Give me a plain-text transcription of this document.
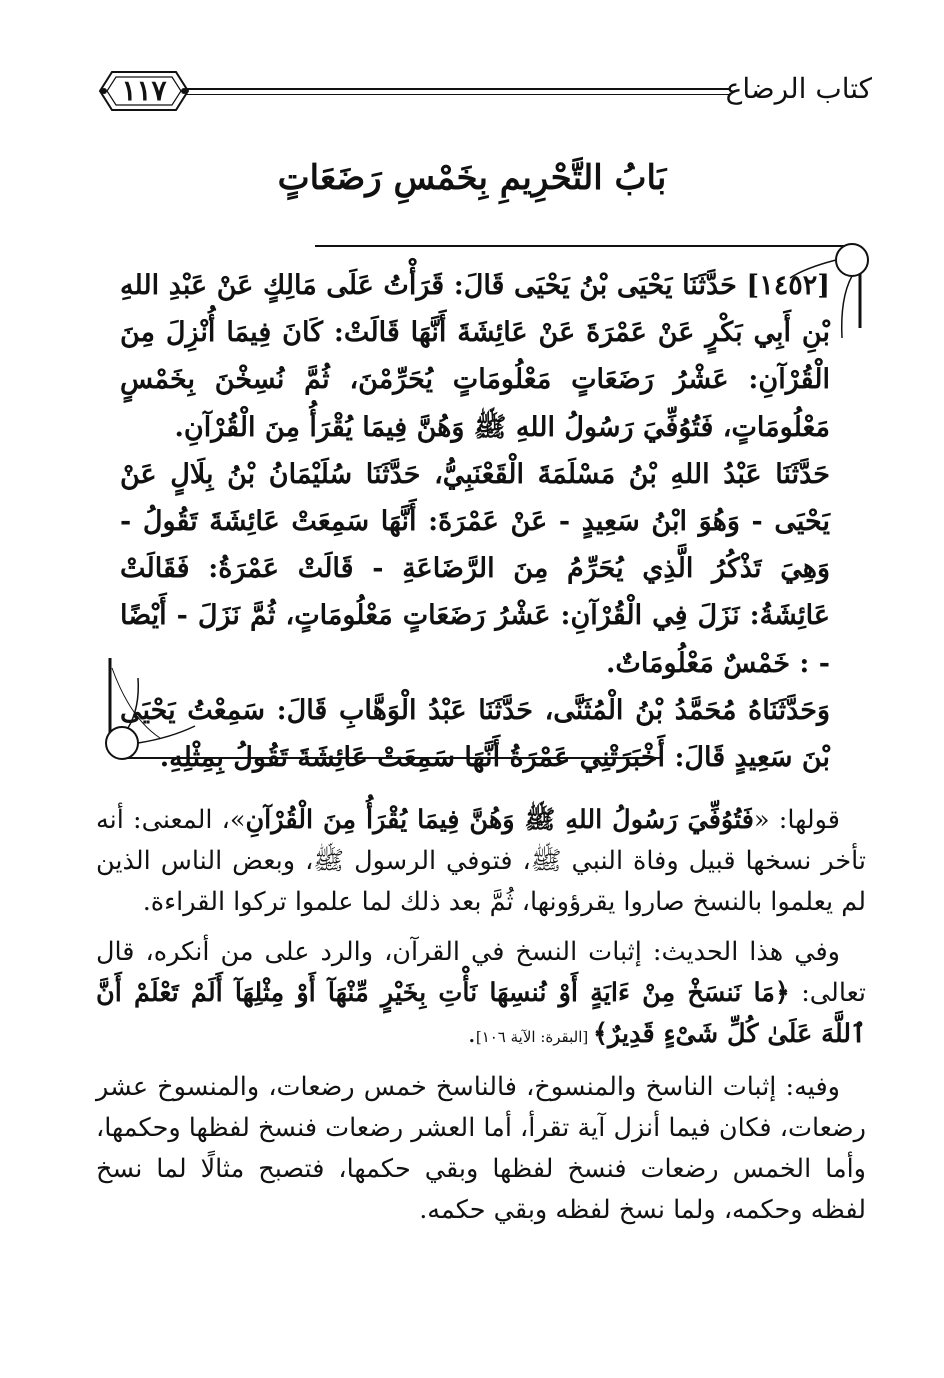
كتاب الرضاع
١١٧
بَابُ التَّحْرِيمِ بِخَمْسِ رَضَعَاتٍ

[١٤٥٢] حَدَّثَنَا يَحْيَى بْنُ يَحْيَى قَالَ: قَرَأْتُ عَلَى مَالِكٍ عَنْ عَبْدِ اللهِ بْنِ أَبِي بَكْرٍ عَنْ عَمْرَةَ عَنْ عَائِشَةَ أَنَّهَا قَالَتْ: كَانَ فِيمَا أُنْزِلَ مِنَ الْقُرْآنِ: عَشْرُ رَضَعَاتٍ مَعْلُومَاتٍ يُحَرِّمْنَ، ثُمَّ نُسِخْنَ بِخَمْسٍ مَعْلُومَاتٍ، فَتُوُفِّيَ رَسُولُ اللهِ ﷺ وَهُنَّ فِيمَا يُقْرَأُ مِنَ الْقُرْآنِ.

حَدَّثَنَا عَبْدُ اللهِ بْنُ مَسْلَمَةَ الْقَعْنَبِيُّ، حَدَّثَنَا سُلَيْمَانُ بْنُ بِلَالٍ عَنْ يَحْيَى - وَهُوَ ابْنُ سَعِيدٍ - عَنْ عَمْرَةَ: أَنَّهَا سَمِعَتْ عَائِشَةَ تَقُولُ - وَهِيَ تَذْكُرُ الَّذِي يُحَرِّمُ مِنَ الرَّضَاعَةِ - قَالَتْ عَمْرَةُ: فَقَالَتْ عَائِشَةُ: نَزَلَ فِي الْقُرْآنِ: عَشْرُ رَضَعَاتٍ مَعْلُومَاتٍ، ثُمَّ نَزَلَ - أَيْضًا - : خَمْسٌ مَعْلُومَاتٌ.

وَحَدَّثَنَاهُ مُحَمَّدُ بْنُ الْمُثَنَّى، حَدَّثَنَا عَبْدُ الْوَهَّابِ قَالَ: سَمِعْتُ يَحْيَى بْنَ سَعِيدٍ قَالَ: أَخْبَرَتْنِي عَمْرَةُ أَنَّهَا سَمِعَتْ عَائِشَةَ تَقُولُ بِمِثْلِهِ.

قولها: «فَتُوُفِّيَ رَسُولُ اللهِ ﷺ وَهُنَّ فِيمَا يُقْرَأُ مِنَ الْقُرْآنِ»، المعنى: أنه تأخر نسخها قبيل وفاة النبي ﷺ، فتوفي الرسول ﷺ، وبعض الناس الذين لم يعلموا بالنسخ صاروا يقرؤونها، ثُمَّ بعد ذلك لما علموا تركوا القراءة.

وفي هذا الحديث: إثبات النسخ في القرآن، والرد على من أنكره، قال تعالى: ﴿مَا نَنسَخْ مِنْ ءَايَةٍ أَوْ نُنسِهَا نَأْتِ بِخَيْرٍ مِّنْهَآ أَوْ مِثْلِهَآ أَلَمْ تَعْلَمْ أَنَّ ٱللَّهَ عَلَىٰ كُلِّ شَىْءٍ قَدِيرٌ﴾ [البقرة: الآية ١٠٦].

وفيه: إثبات الناسخ والمنسوخ، فالناسخ خمس رضعات، والمنسوخ عشر رضعات، فكان فيما أنزل آية تقرأ، أما العشر رضعات فنسخ لفظها وحكمها، وأما الخمس رضعات فنسخ لفظها وبقي حكمها، فتصبح مثالًا لما نسخ لفظه وحكمه، ولما نسخ لفظه وبقي حكمه.
